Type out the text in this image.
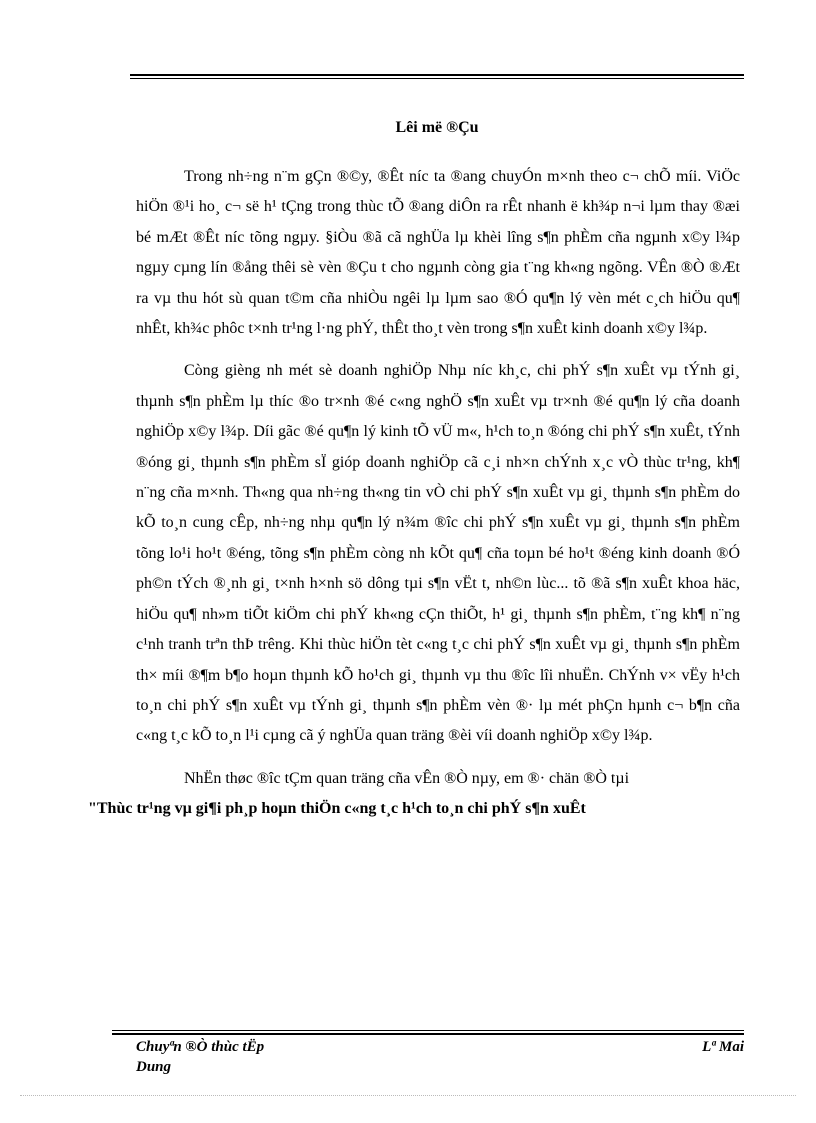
Lêi më ®Çu

Trong nh÷ng n¨m gÇn ®©y, ®Êt níc ta ®ang chuyÓn m×nh theo c¬ chÕ míi. ViÖc hiÖn ®¹i ho¸ c¬ së h¹ tÇng trong thùc tÕ ®ang diÔn ra rÊt nhanh ë kh¾p n¬i lµm thay ®æi bé mÆt ®Êt níc tõng ngµy. §iÒu ®ã cã nghÜa lµ khèi lîng s¶n phÈm cña ngµnh x©y l¾p ngµy cµng lín ®ång thêi sè vèn ®Çu t cho ngµnh còng gia t¨ng kh«ng ngõng. VÊn ®Ò ®Æt ra vµ thu hót sù quan t©m cña nhiÒu ngêi lµ lµm sao ®Ó qu¶n lý vèn mét c¸ch hiÖu qu¶ nhÊt, kh¾c phôc t×nh tr¹ng l·ng phÝ, thÊt tho¸t vèn trong s¶n xuÊt kinh doanh x©y l¾p.

Còng gièng nh mét sè doanh nghiÖp Nhµ níc kh¸c, chi phÝ s¶n xuÊt vµ tÝnh gi¸ thµnh s¶n phÈm lµ thíc ®o tr×nh ®é c«ng nghÖ s¶n xuÊt vµ tr×nh ®é qu¶n lý cña doanh nghiÖp x©y l¾p. Díi gãc ®é qu¶n lý kinh tÕ vÜ m«, h¹ch to¸n ®óng chi phÝ s¶n xuÊt, tÝnh ®óng gi¸ thµnh s¶n phÈm sÏ gióp doanh nghiÖp cã c¸i nh×n chÝnh x¸c vÒ thùc tr¹ng, kh¶ n¨ng cña m×nh. Th«ng qua nh÷ng th«ng tin vÒ chi phÝ s¶n xuÊt vµ gi¸ thµnh s¶n phÈm do kÕ to¸n cung cÊp, nh÷ng nhµ qu¶n lý n¾m ®îc chi phÝ s¶n xuÊt vµ gi¸ thµnh s¶n phÈm tõng lo¹i ho¹t ®éng, tõng s¶n phÈm còng nh kÕt qu¶ cña toµn bé ho¹t ®éng kinh doanh ®Ó ph©n tÝch ®¸nh gi¸ t×nh h×nh sö dông tµi s¶n vËt t, nh©n lùc... tõ ®ã s¶n xuÊt khoa häc, hiÖu qu¶ nh»m tiÕt kiÖm chi phÝ kh«ng cÇn thiÕt, h¹ gi¸ thµnh s¶n phÈm, t¨ng kh¶ n¨ng c¹nh tranh trªn thÞ trêng. Khi thùc hiÖn tèt c«ng t¸c chi phÝ s¶n xuÊt vµ gi¸ thµnh s¶n phÈm th× míi ®¶m b¶o hoµn thµnh kÕ ho¹ch gi¸ thµnh vµ thu ®îc lîi nhuËn. ChÝnh v× vËy h¹ch to¸n chi phÝ s¶n xuÊt vµ tÝnh gi¸ thµnh s¶n phÈm vèn ®· lµ mét phÇn hµnh c¬ b¶n cña c«ng t¸c kÕ to¸n l¹i cµng cã ý nghÜa quan träng ®èi víi doanh nghiÖp x©y l¾p.

NhËn thøc ®îc tÇm quan träng cña vÊn ®Ò nµy, em ®· chän ®Ò tµi
"Thùc tr¹ng vµ gi¶i ph¸p hoµn thiÖn c«ng t¸c h¹ch to¸n chi phÝ s¶n xuÊt

Chuyªn ®Ò thùc tËp
Dung
Lª Mai
